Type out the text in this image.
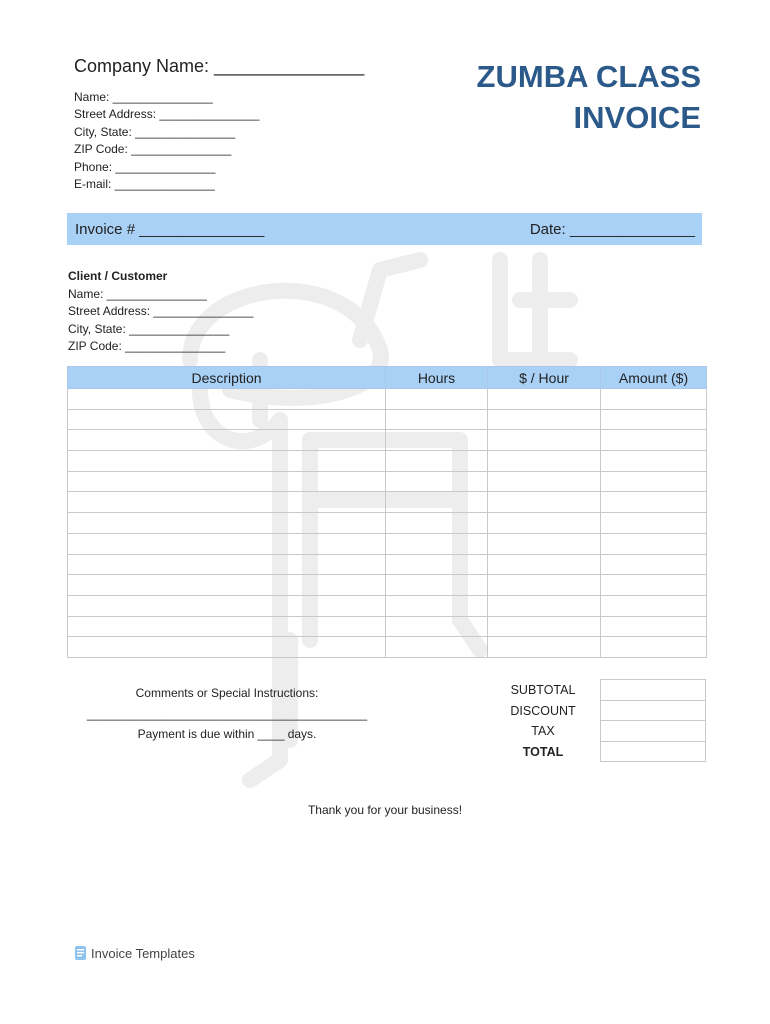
Company Name: _______________
Name: _______________
Street Address: _______________
City, State: _______________
ZIP Code: _______________
Phone: _______________
E-mail: _______________
ZUMBA CLASS
INVOICE
Invoice # _______________	Date: _______________
Client / Customer
Name: _______________
Street Address: _______________
City, State: _______________
ZIP Code: _______________
Description	Hours	$ / Hour	Amount ($)

Comments or Special Instructions:
__________________________________________
Payment is due within ____ days.
SUBTOTAL
DISCOUNT
TAX
TOTAL

Thank you for your business!
Invoice Templates
